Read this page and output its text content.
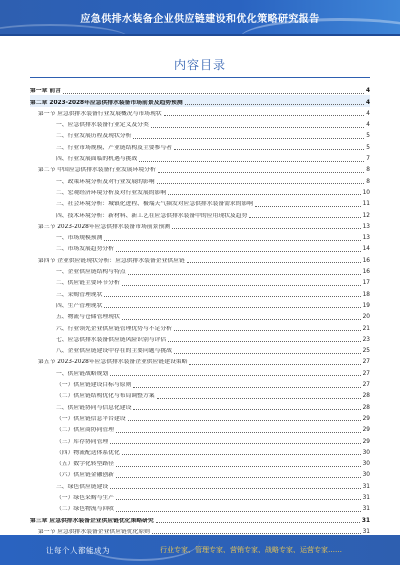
应急供排水装备企业供应链建设和优化策略研究报告
内容目录
第一章 前言	4
第二章 2023-2028年应急供排水装备市场前景及趋势预测	4
第一节 应急供排水装备行业发展概况与市场现状	4
一、应急供排水装备行业定义及分类	4
二、行业发展历程及现状分析	5
三、行业市场规模、产业链结构及主要参与者	5
四、行业发展面临的机遇与挑战	7
第二节 中国应急供排水装备行业发展环境分析	8
一、政策环境分析及对行业发展的影响	8
二、宏观经济环境分析及对行业发展的影响	10
三、社会环境分析：城镇化进程、极端天气频发对应急供排水装备需求的影响	11
四、技术环境分析：新材料、新工艺在应急供排水装备中的应用现状及趋势	12
第三节 2023-2028年应急供排水装备市场前景预测	13
一、市场规模预测	13
二、市场发展趋势分析	14
第四节 企业供应链现状分析：应急供排水装备企业供应链	16
一、企业供应链结构与特点	16
二、供应链主要环节分析	17
三、采购管理现状	18
四、生产管理现状	19
五、物流与仓储管理现状	20
六、行业领先企业供应链管理优势与不足分析	21
七、应急供排水装备供应链风险识别与评估	23
八、企业供应链建设中存在的主要问题与挑战	25
第五节 2023-2028年应急供排水装备企业供应链建设策略	27
一、供应链战略规划	27
（一）供应链建设目标与原则	27
（二）供应链结构优化与布局调整方案	28
二、供应链协同与信息化建设	28
（一）供应链信息平台建设	29
（二）供应商协同管理	29
（三）库存协同管理	29
（四）物流配送体系优化	30
（五）数字化转型路径	30
（六）供应链金融创新	30
三、绿色供应链建设	31
（一）绿色采购与生产	31
（二）绿色物流与回收	31
第三章 应急供排水装备企业供应链优化策略研究	31
第一节 应急供排水装备企业供应链优化原则	31
让每个人都能成为	行业专家、管理专家、营销专家、战略专家、运营专家……
